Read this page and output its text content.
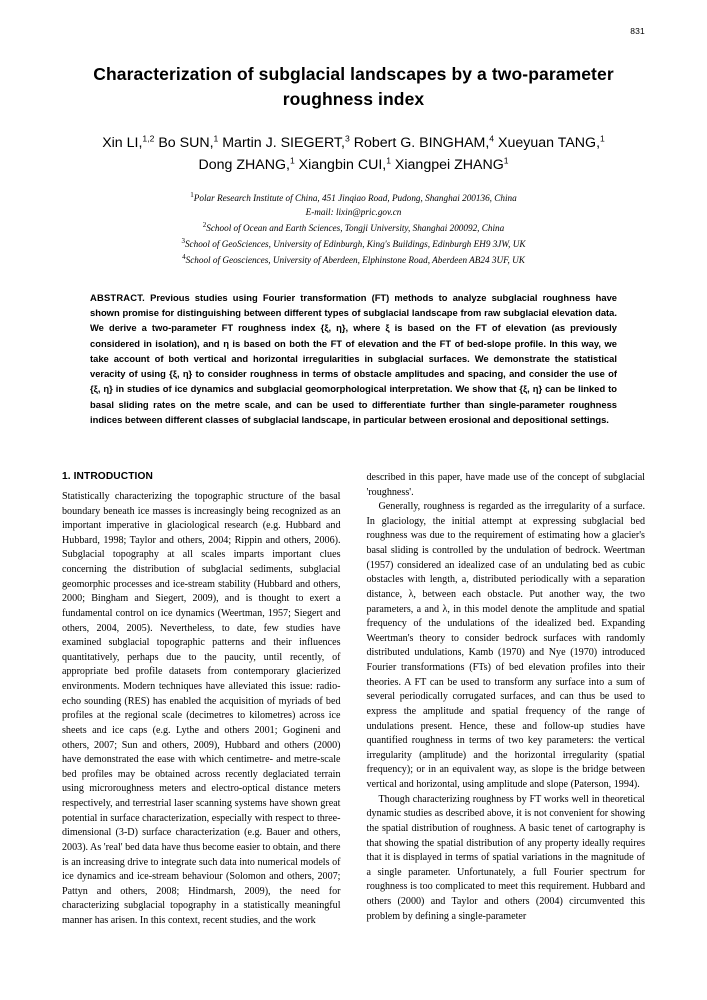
831
Characterization of subglacial landscapes by a two-parameter roughness index
Xin LI,$^{1,2}$ Bo SUN,$^1$ Martin J. SIEGERT,$^3$ Robert G. BINGHAM,$^4$ Xueyuan TANG,$^1$
Dong ZHANG,$^1$ Xiangbin CUI,$^1$ Xiangpei ZHANG$^1$
$^1$Polar Research Institute of China, 451 Jinqiao Road, Pudong, Shanghai 200136, China
E-mail: lixin@pric.gov.cn
$^2$School of Ocean and Earth Sciences, Tongji University, Shanghai 200092, China
$^3$School of GeoSciences, University of Edinburgh, King's Buildings, Edinburgh EH9 3JW, UK
$^4$School of Geosciences, University of Aberdeen, Elphinstone Road, Aberdeen AB24 3UF, UK
ABSTRACT. Previous studies using Fourier transformation (FT) methods to analyze subglacial roughness have shown promise for distinguishing between different types of subglacial landscape from raw subglacial elevation data. We derive a two-parameter FT roughness index {ξ, η}, where ξ is based on the FT of elevation (as previously considered in isolation), and η is based on both the FT of elevation and the FT of bed-slope profile. In this way, we take account of both vertical and horizontal irregularities in subglacial surfaces. We demonstrate the statistical veracity of using {ξ, η} to consider roughness in terms of obstacle amplitudes and spacing, and consider the use of {ξ, η} in studies of ice dynamics and subglacial geomorphological interpretation. We show that {ξ, η} can be linked to basal sliding rates on the metre scale, and can be used to differentiate further than single-parameter roughness indices between different classes of subglacial landscape, in particular between erosional and depositional settings.
1. INTRODUCTION

Statistically characterizing the topographic structure of the basal boundary beneath ice masses is increasingly being recognized as an important imperative in glaciological research (e.g. Hubbard and Hubbard, 1998; Taylor and others, 2004; Rippin and others, 2006). Subglacial topography at all scales imparts important clues concerning the distribution of subglacial sediments, subglacial geomorphic processes and ice-stream stability (Hubbard and others, 2000; Bingham and Siegert, 2009), and is thought to exert a fundamental control on ice dynamics (Weertman, 1957; Siegert and others, 2004, 2005). Nevertheless, to date, few studies have examined subglacial topographic patterns and their influences quantitatively, perhaps due to the paucity, until recently, of appropriate bed profile datasets from contemporary glacierized environments. Modern techniques have alleviated this issue: radio-echo sounding (RES) has enabled the acquisition of myriads of bed profiles at the regional scale (decimetres to kilometres) across ice sheets and ice caps (e.g. Lythe and others 2001; Gogineni and others, 2007; Sun and others, 2009), Hubbard and others (2000) have demonstrated the ease with which centimetre- and metre-scale bed profiles may be obtained across recently deglaciated terrain using microroughness meters and electro-optical distance meters respectively, and terrestrial laser scanning systems have shown great potential in surface characterization, especially with respect to three-dimensional (3-D) surface characterization (e.g. Bauer and others, 2003). As 'real' bed data have thus become easier to obtain, and there is an increasing drive to integrate such data into numerical models of ice dynamics and ice-stream behaviour (Solomon and others, 2007; Pattyn and others, 2008; Hindmarsh, 2009), the need for characterizing subglacial topography in a statistically meaningful manner has arisen. In this context, recent studies, and the work

described in this paper, have made use of the concept of subglacial 'roughness'.

Generally, roughness is regarded as the irregularity of a surface. In glaciology, the initial attempt at expressing subglacial bed roughness was due to the requirement of estimating how a glacier's basal sliding is controlled by the undulation of bedrock. Weertman (1957) considered an idealized case of an undulating bed as cubic obstacles with length, a, distributed periodically with a separation distance, λ, between each obstacle. Put another way, the two parameters, a and λ, in this model denote the amplitude and spatial frequency of the undulations of the idealized bed. Expanding Weertman's theory to consider bedrock surfaces with randomly distributed undulations, Kamb (1970) and Nye (1970) introduced Fourier transformations (FTs) of bed elevation profiles into their theories. A FT can be used to transform any surface into a sum of several periodically corrugated surfaces, and can thus be used to express the amplitude and spatial frequency of the range of undulations present. Hence, these and follow-up studies have quantified roughness in terms of two key parameters: the vertical irregularity (amplitude) and the horizontal irregularity (spatial frequency); or in an equivalent way, as slope is the bridge between vertical and horizontal, using amplitude and slope (Paterson, 1994).

Though characterizing roughness by FT works well in theoretical dynamic studies as described above, it is not convenient for showing the spatial distribution of roughness. A basic tenet of cartography is that showing the spatial distribution of any property ideally requires that it is displayed in terms of spatial variations in the magnitude of a single parameter. Unfortunately, a full Fourier spectrum for roughness is too complicated to meet this requirement. Hubbard and others (2000) and Taylor and others (2004) circumvented this problem by defining a single-parameter
